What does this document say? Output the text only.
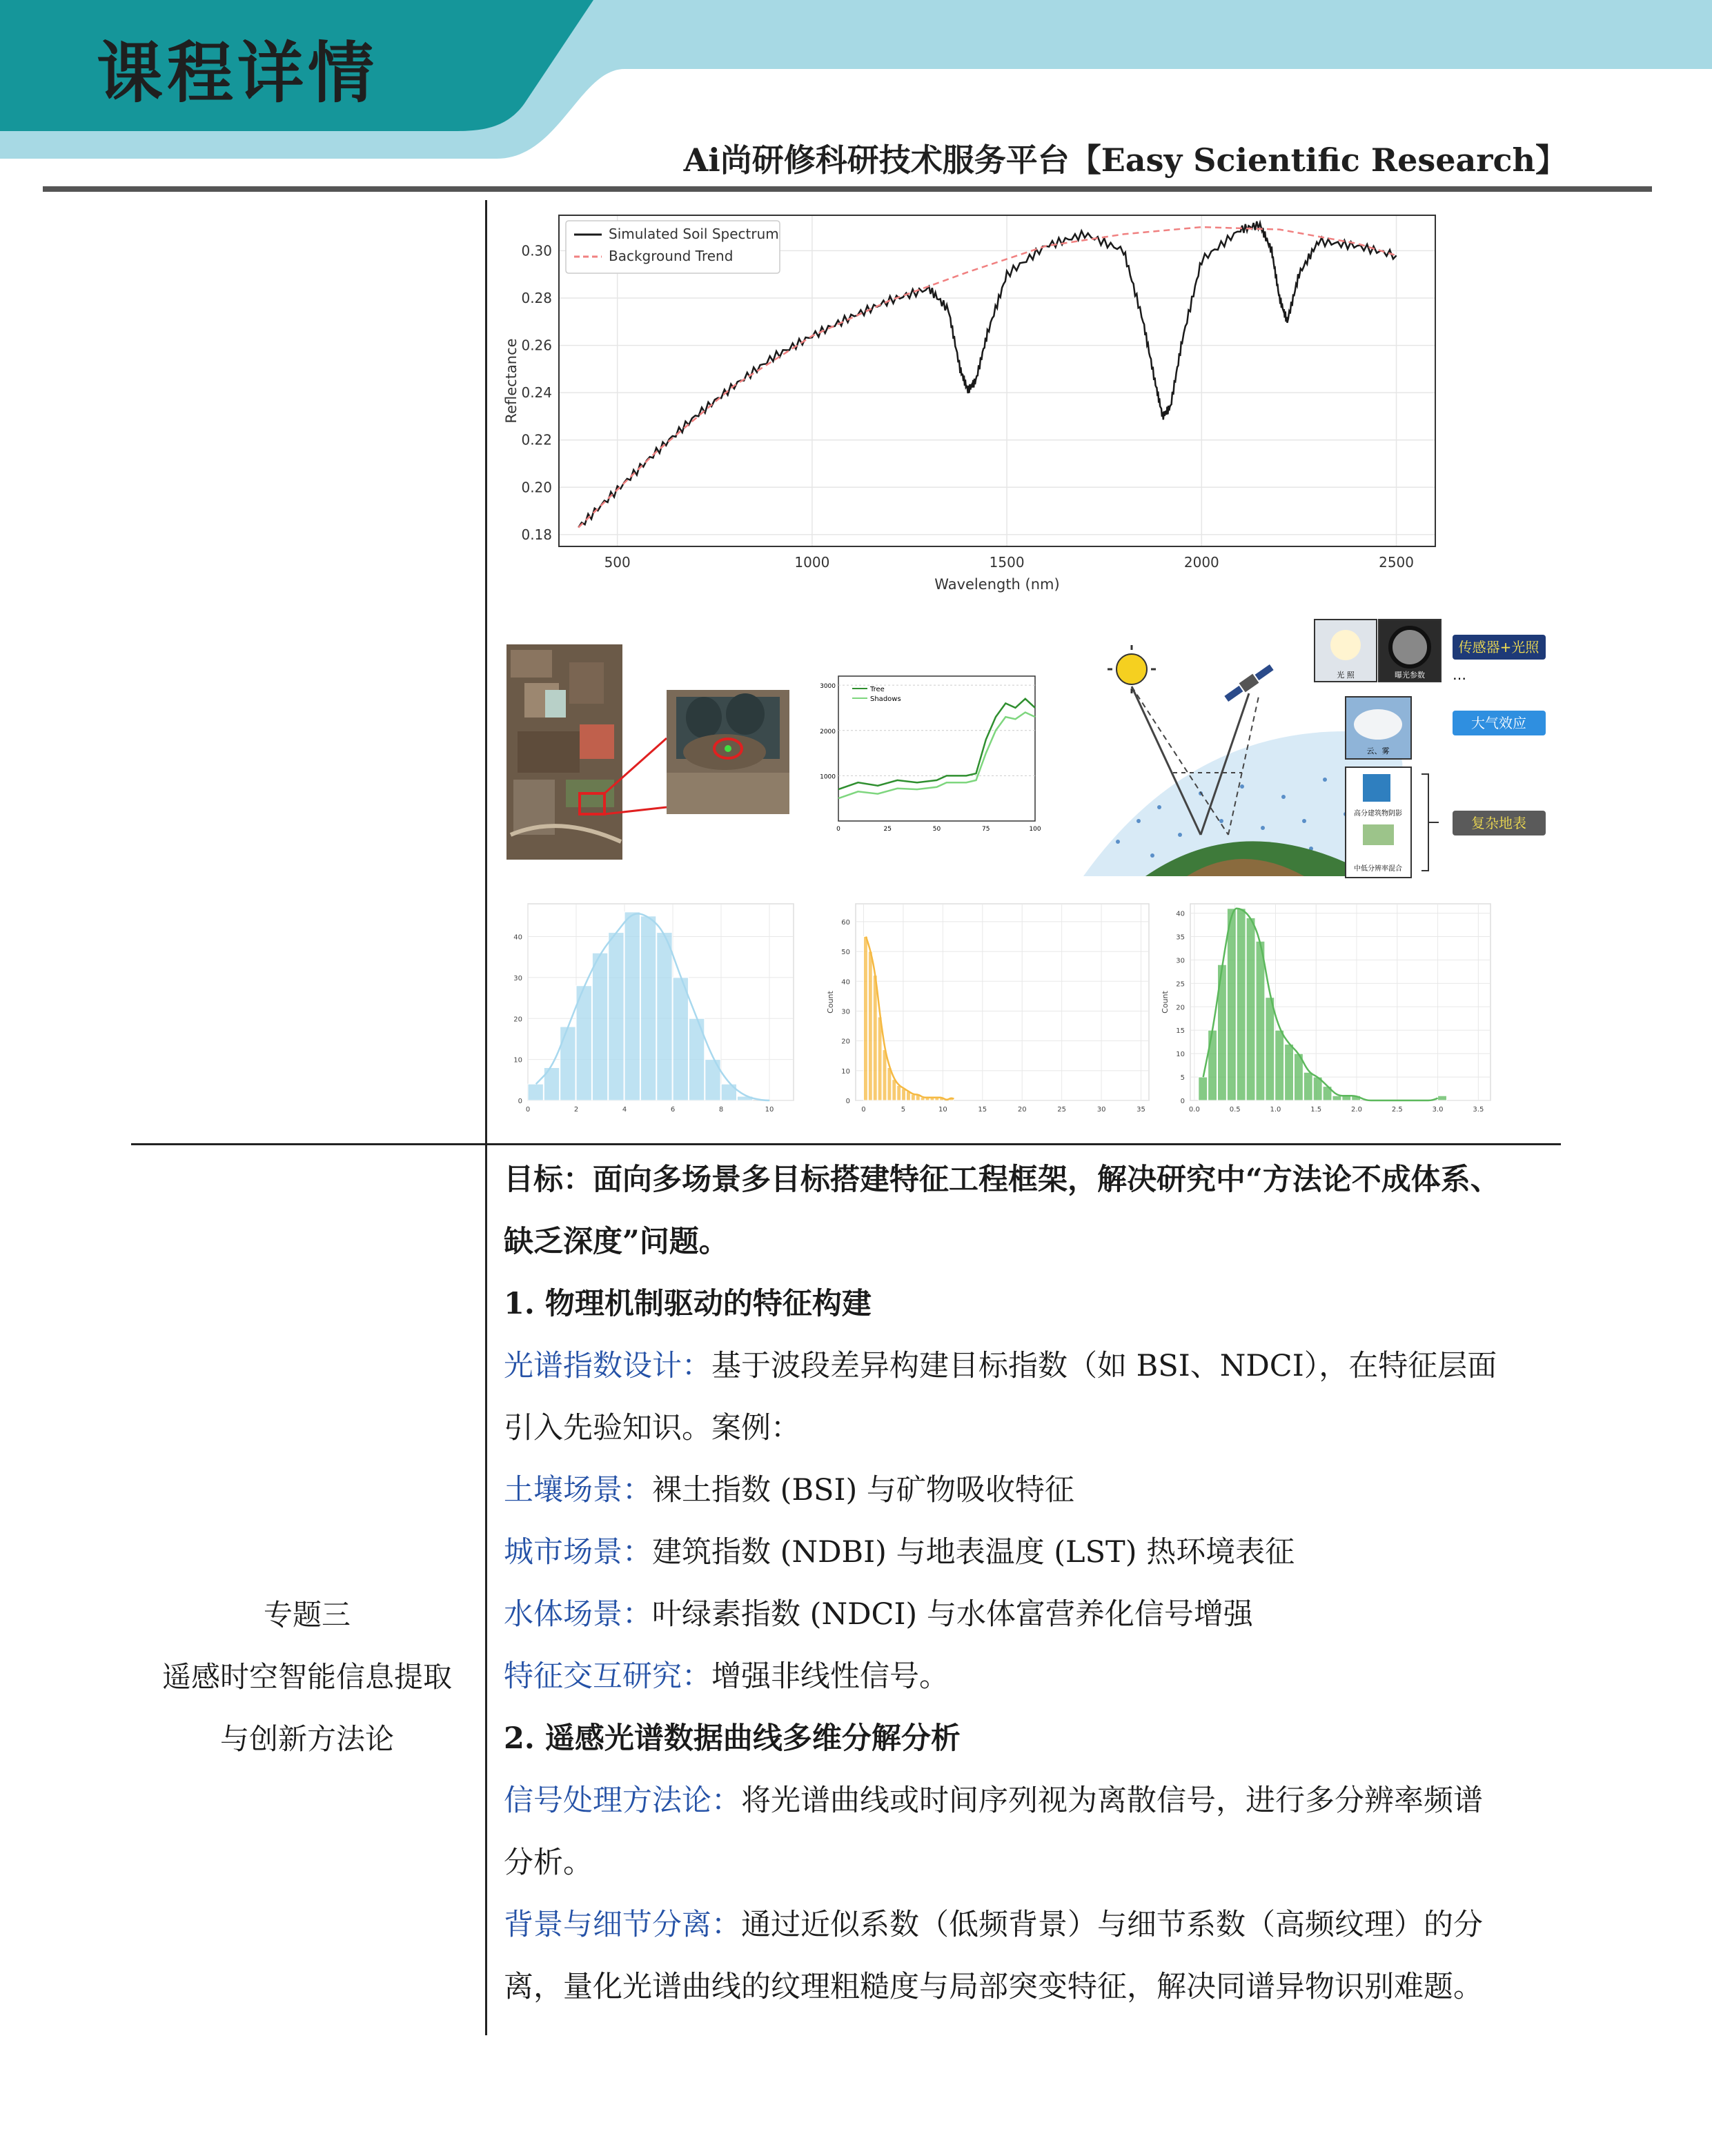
课程详情
Ai尚研修科研技术服务平台【Easy Scientific Research】
500	1000	1500	2000	2500
0.18
0.20
0.22
0.24
0.26
0.28
0.30
Simulated Soil Spectrum
Background Trend
Wavelength (nm)
Reflectance
3000
2000
1000
0	25	50	75	100
Tree
Shadows
光 照	曝光参数 …
云、雾
高分建筑物阴影
中低分辨率混合
传感器+光照
大气效应
复杂地表
0
10
20
30
40
0	2	4	6	8	10
0
10
20
30
40
50
60
0	5	10	15	20	25	30	35
Count
0
5
10
15
20
25
30
35
40
0.0	0.5	1.0	1.5	2.0	2.5	3.0	3.5
Count
专题三
遥感时空智能信息提取
与创新方法论

目标：面向多场景多目标搭建特征工程框架，解决研究中“方法论不成体系、

缺乏深度”问题。

1. 物理机制驱动的特征构建

光谱指数设计：基于波段差异构建目标指数（如 BSI、NDCI），在特征层面

引入先验知识。案例：

土壤场景：裸土指数 (BSI) 与矿物吸收特征

城市场景：建筑指数 (NDBI) 与地表温度 (LST) 热环境表征

水体场景：叶绿素指数 (NDCI) 与水体富营养化信号增强

特征交互研究：增强非线性信号。

2. 遥感光谱数据曲线多维分解分析

信号处理方法论：将光谱曲线或时间序列视为离散信号，进行多分辨率频谱

分析。

背景与细节分离：通过近似系数（低频背景）与细节系数（高频纹理）的分

离，量化光谱曲线的纹理粗糙度与局部突变特征，解决同谱异物识别难题。
